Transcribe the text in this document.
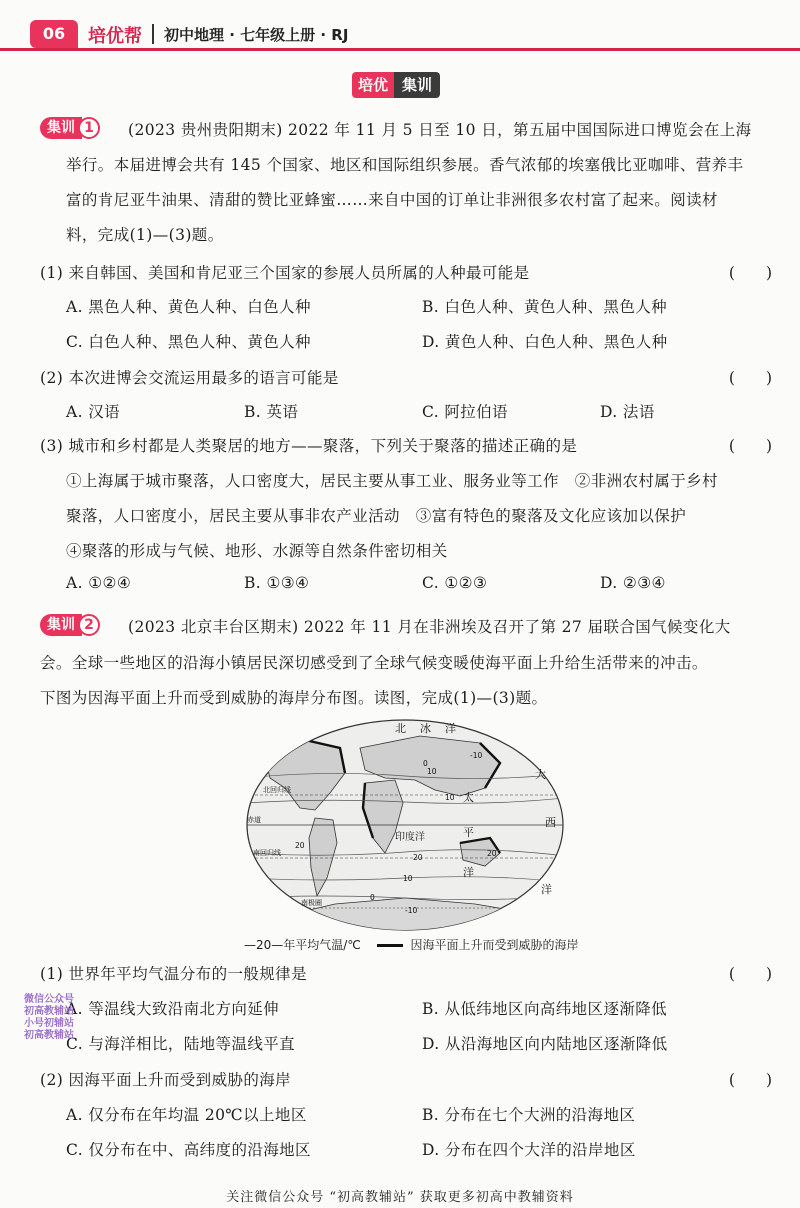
06	培优帮 初中地理 · 七年级上册 · RJ
培优 集训
集训 1	(2023 贵州贵阳期末) 2022 年 11 月 5 日至 10 日，第五届中国国际进口博览会在上海
举行。本届进博会共有 145 个国家、地区和国际组织参展。香气浓郁的埃塞俄比亚咖啡、营养丰
富的肯尼亚牛油果、清甜的赞比亚蜂蜜……来自中国的订单让非洲很多农村富了起来。阅读材
料，完成(1)—(3)题。
(1) 来自韩国、美国和肯尼亚三个国家的参展人员所属的人种最可能是	(　　)
A. 黑色人种、黄色人种、白色人种	B. 白色人种、黄色人种、黑色人种
C. 白色人种、黑色人种、黄色人种	D. 黄色人种、白色人种、黑色人种
(2) 本次进博会交流运用最多的语言可能是	(　　)
A. 汉语	B. 英语	C. 阿拉伯语	D. 法语
(3) 城市和乡村都是人类聚居的地方——聚落，下列关于聚落的描述正确的是	(　　)
①上海属于城市聚落，人口密度大，居民主要从事工业、服务业等工作　②非洲农村属于乡村
聚落，人口密度小，居民主要从事非农产业活动　③富有特色的聚落及文化应该加以保护
④聚落的形成与气候、地形、水源等自然条件密切相关
A. ①②④	B. ①③④	C. ①②③	D. ②③④
集训 2	(2023 北京丰台区期末) 2022 年 11 月在非洲埃及召开了第 27 届联合国气候变化大
会。全球一些地区的沿海小镇居民深切感受到了全球气候变暖使海平面上升给生活带来的冲击。
下图为因海平面上升而受到威胁的海岸分布图。读图，完成(1)—(3)题。
北 冰 洋
大
西
洋
太
平
洋
印度洋
赤道
北回归线
南回归线
南极圈
0
10
-10
10
20
20
10
0
-10
20
—20—年平均气温/℃	因海平面上升而受到威胁的海岸
(1) 世界年平均气温分布的一般规律是	(　　)
A. 等温线大致沿南北方向延伸	B. 从低纬地区向高纬地区逐渐降低
C. 与海洋相比，陆地等温线平直	D. 从沿海地区向内陆地区逐渐降低
(2) 因海平面上升而受到威胁的海岸	(　　)
A. 仅分布在年均温 20℃以上地区	B. 分布在七个大洲的沿海地区
C. 仅分布在中、高纬度的沿海地区	D. 分布在四个大洋的沿岸地区
微信公众号
初高教辅站
小号初辅站
初高教辅站
关注微信公众号 “初高教辅站” 获取更多初高中教辅资料
